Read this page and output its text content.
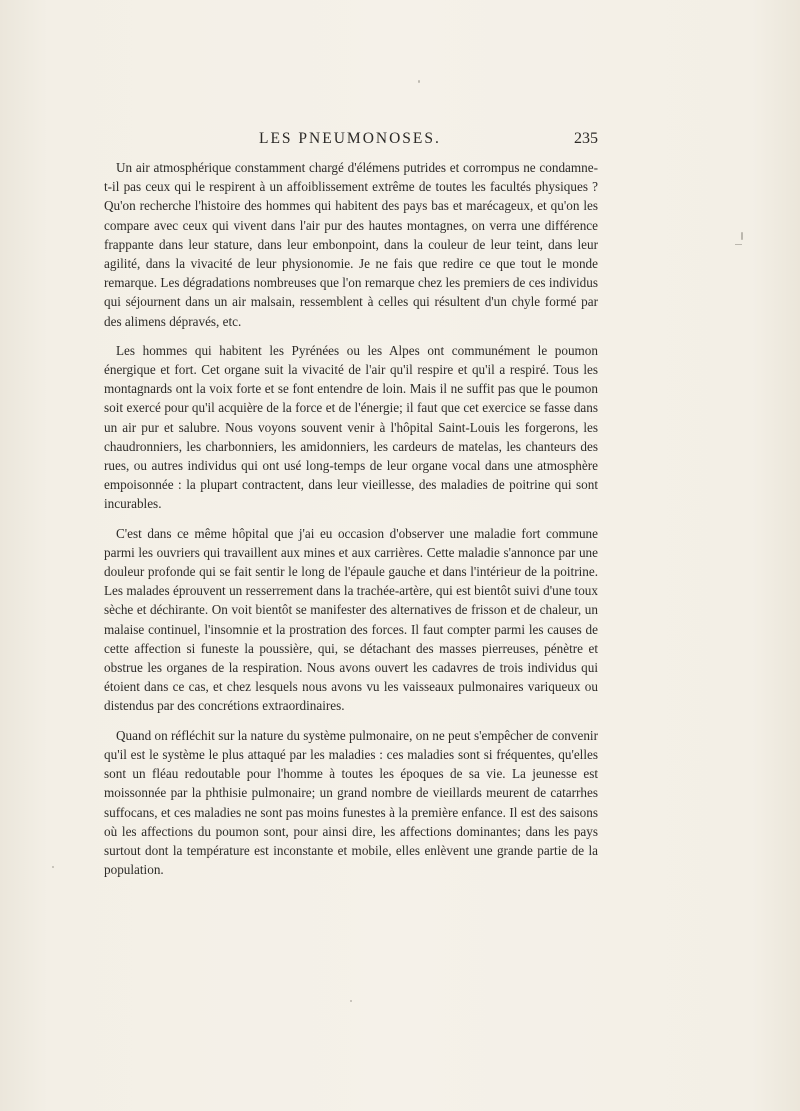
LES PNEUMONOSES.	235

Un air atmosphérique constamment chargé d'élémens putrides et corrompus ne condamne-t-il pas ceux qui le respirent à un affoiblissement extrême de toutes les facultés physiques ? Qu'on recherche l'histoire des hommes qui habitent des pays bas et marécageux, et qu'on les compare avec ceux qui vivent dans l'air pur des hautes montagnes, on verra une différence frappante dans leur stature, dans leur embonpoint, dans la couleur de leur teint, dans leur agilité, dans la vivacité de leur physionomie. Je ne fais que redire ce que tout le monde remarque. Les dégradations nombreuses que l'on remarque chez les premiers de ces individus qui séjournent dans un air malsain, ressemblent à celles qui résultent d'un chyle formé par des alimens dépravés, etc.

Les hommes qui habitent les Pyrénées ou les Alpes ont communément le poumon énergique et fort. Cet organe suit la vivacité de l'air qu'il respire et qu'il a respiré. Tous les montagnards ont la voix forte et se font entendre de loin. Mais il ne suffit pas que le poumon soit exercé pour qu'il acquière de la force et de l'énergie; il faut que cet exercice se fasse dans un air pur et salubre. Nous voyons souvent venir à l'hôpital Saint-Louis les forgerons, les chaudronniers, les charbonniers, les amidonniers, les cardeurs de matelas, les chanteurs des rues, ou autres individus qui ont usé long-temps de leur organe vocal dans une atmosphère empoisonnée : la plupart contractent, dans leur vieillesse, des maladies de poitrine qui sont incurables.

C'est dans ce même hôpital que j'ai eu occasion d'observer une maladie fort commune parmi les ouvriers qui travaillent aux mines et aux carrières. Cette maladie s'annonce par une douleur profonde qui se fait sentir le long de l'épaule gauche et dans l'intérieur de la poitrine. Les malades éprouvent un resserrement dans la trachée-artère, qui est bientôt suivi d'une toux sèche et déchirante. On voit bientôt se manifester des alternatives de frisson et de chaleur, un malaise continuel, l'insomnie et la prostration des forces. Il faut compter parmi les causes de cette affection si funeste la poussière, qui, se détachant des masses pierreuses, pénètre et obstrue les organes de la respiration. Nous avons ouvert les cadavres de trois individus qui étoient dans ce cas, et chez lesquels nous avons vu les vaisseaux pulmonaires variqueux ou distendus par des concrétions extraordinaires.

Quand on réfléchit sur la nature du système pulmonaire, on ne peut s'empêcher de convenir qu'il est le système le plus attaqué par les maladies : ces maladies sont si fréquentes, qu'elles sont un fléau redoutable pour l'homme à toutes les époques de sa vie. La jeunesse est moissonnée par la phthisie pulmonaire; un grand nombre de vieillards meurent de catarrhes suffocans, et ces maladies ne sont pas moins funestes à la première enfance. Il est des saisons où les affections du poumon sont, pour ainsi dire, les affections dominantes; dans les pays surtout dont la température est inconstante et mobile, elles enlèvent une grande partie de la population.
